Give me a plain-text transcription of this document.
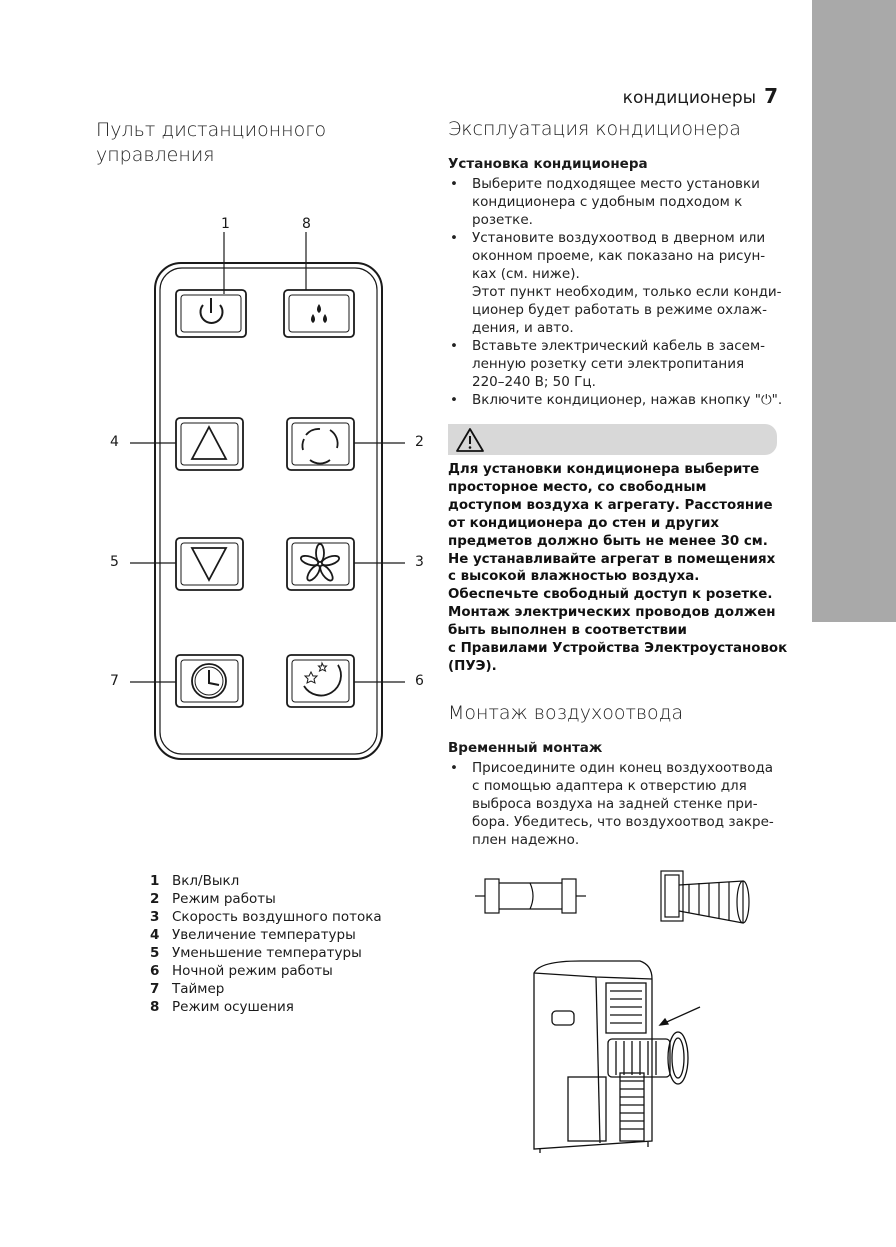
кондиционеры 7
Пульт дистанционного
управления
1	8
4	2
5	3
7	6
1 Вкл/Выкл
2 Режим работы
3 Скорость воздушного потока
4 Увеличение температуры
5 Уменьшение температуры
6 Ночной режим работы
7 Таймер
8 Режим осушения
Эксплуатация кондиционера
Установка кондиционера
• Выберите подходящее место установки
кондиционера с удобным подходом к
розетке.
• Установите воздухоотвод в дверном или
оконном проеме, как показано на рисун-
ках (см. ниже).
Этот пункт необходим, только если конди-
ционер будет работать в режиме охлаж-
дения, и авто.
• Вставьте электрический кабель в засем-
ленную розетку сети электропитания
220–240 В; 50 Гц.
• Включите кондиционер, нажав кнопку "⏻".
Для установки кондиционера выберите
просторное место, со свободным
доступом воздуха к агрегату. Расстояние
от кондиционера до стен и других
предметов должно быть не менее 30 см.
Не устанавливайте агрегат в помещениях
с высокой влажностью воздуха.
Обеспечьте свободный доступ к розетке.
Монтаж электрических проводов должен
быть выполнен в соответствии
с Правилами Устройства Электроустановок
(ПУЭ).
Монтаж воздухоотвода
Временный монтаж
• Присоедините один конец воздухоотвода
с помощью адаптера к отверстию для
выброса воздуха на задней стенке при-
бора. Убедитесь, что воздухоотвод закре-
плен надежно.
